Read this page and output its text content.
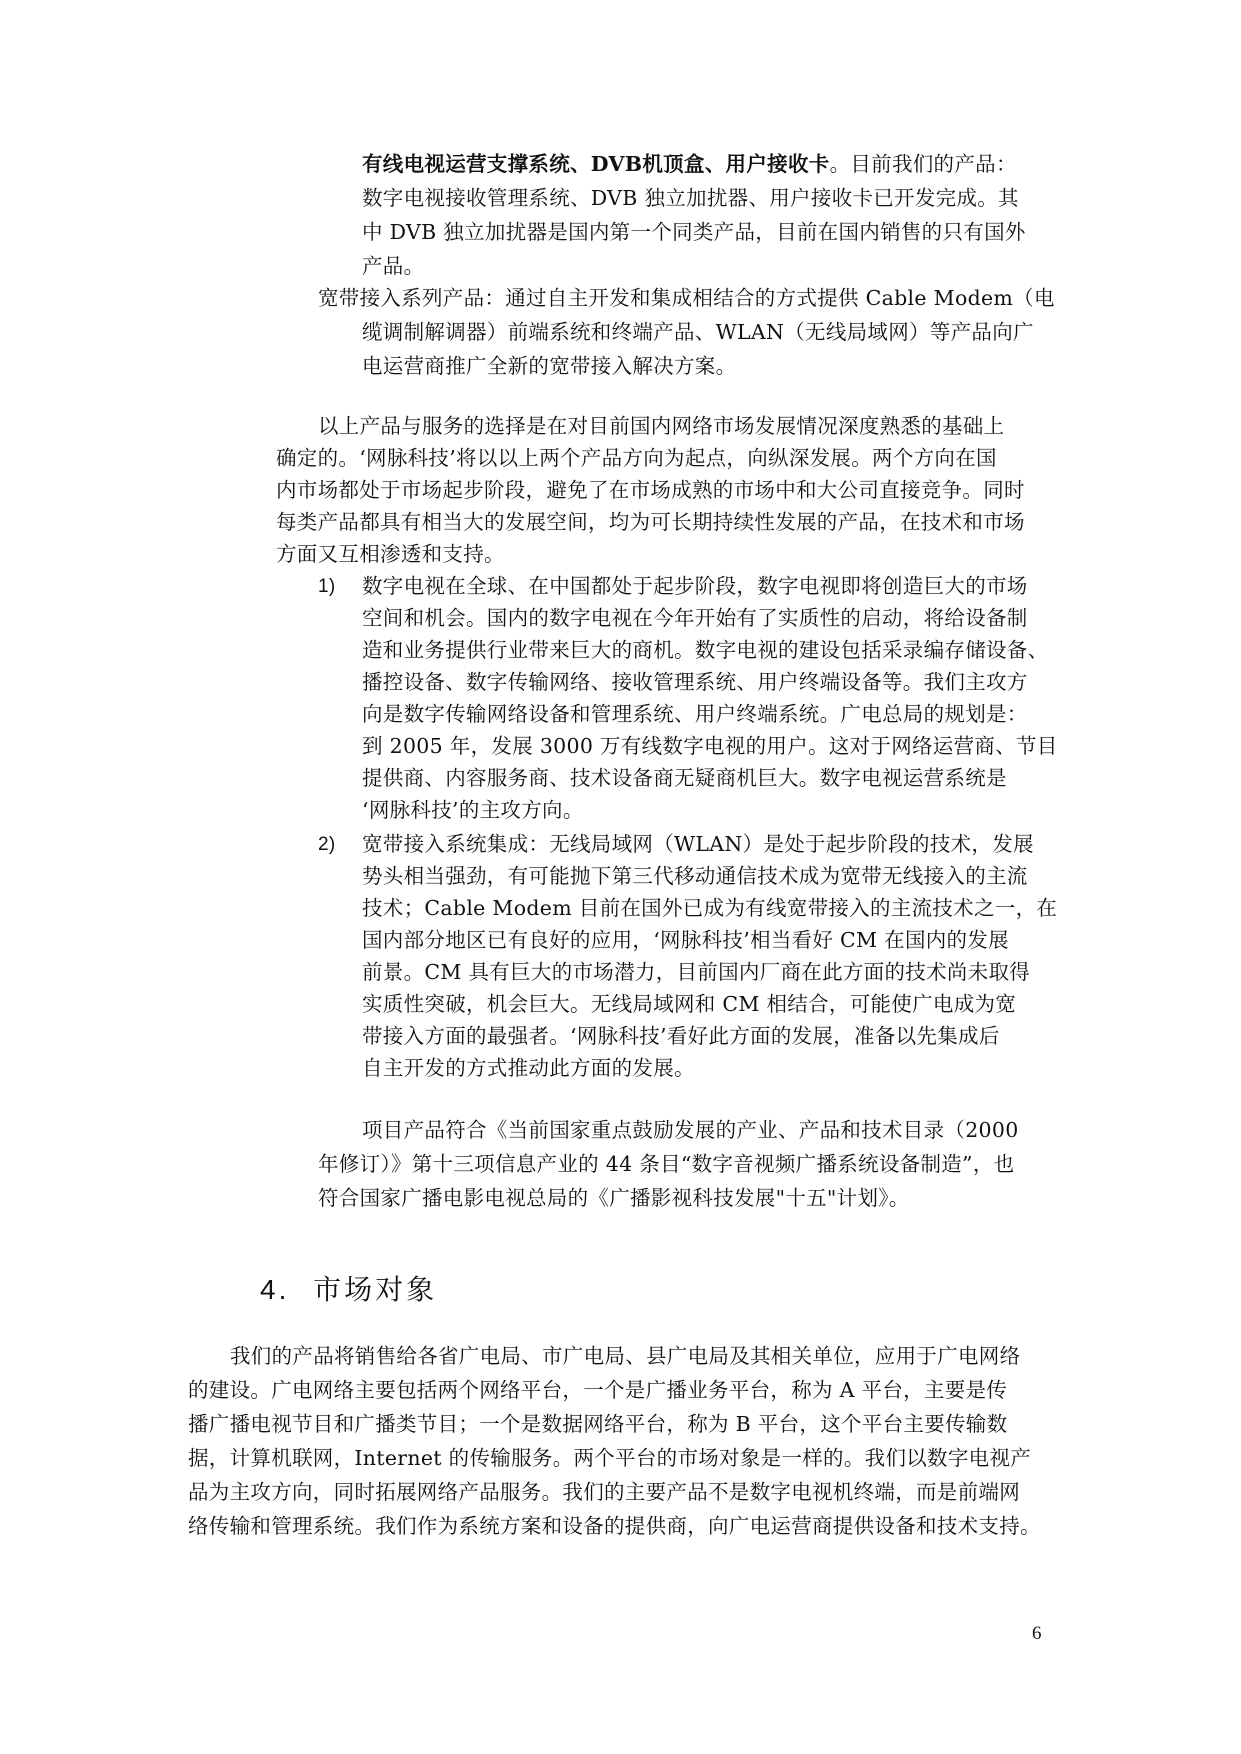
有线电视运营支撑系统、DVB机顶盒、用户接收卡。目前我们的产品：
数字电视接收管理系统、DVB 独立加扰器、用户接收卡已开发完成。其
中 DVB 独立加扰器是国内第一个同类产品，目前在国内销售的只有国外
产品。
宽带接入系列产品：通过自主开发和集成相结合的方式提供 Cable Modem（电
缆调制解调器）前端系统和终端产品、WLAN（无线局域网）等产品向广
电运营商推广全新的宽带接入解决方案。
以上产品与服务的选择是在对目前国内网络市场发展情况深度熟悉的基础上
确定的。‘网脉科技’将以以上两个产品方向为起点，向纵深发展。两个方向在国
内市场都处于市场起步阶段，避免了在市场成熟的市场中和大公司直接竞争。同时
每类产品都具有相当大的发展空间，均为可长期持续性发展的产品，在技术和市场
方面又互相渗透和支持。
1) 数字电视在全球、在中国都处于起步阶段，数字电视即将创造巨大的市场
空间和机会。国内的数字电视在今年开始有了实质性的启动，将给设备制
造和业务提供行业带来巨大的商机。数字电视的建设包括采录编存储设备、
播控设备、数字传输网络、接收管理系统、用户终端设备等。我们主攻方
向是数字传输网络设备和管理系统、用户终端系统。广电总局的规划是：
到 2005 年，发展 3000 万有线数字电视的用户。这对于网络运营商、节目
提供商、内容服务商、技术设备商无疑商机巨大。数字电视运营系统是
‘网脉科技’的主攻方向。
2) 宽带接入系统集成：无线局域网（WLAN）是处于起步阶段的技术，发展
势头相当强劲，有可能抛下第三代移动通信技术成为宽带无线接入的主流
技术；Cable Modem 目前在国外已成为有线宽带接入的主流技术之一，在
国内部分地区已有良好的应用，‘网脉科技’相当看好 CM 在国内的发展
前景。CM 具有巨大的市场潜力，目前国内厂商在此方面的技术尚未取得
实质性突破，机会巨大。无线局域网和 CM 相结合，可能使广电成为宽
带接入方面的最强者。‘网脉科技’看好此方面的发展，准备以先集成后
自主开发的方式推动此方面的发展。
项目产品符合《当前国家重点鼓励发展的产业、产品和技术目录（2000
年修订）》第十三项信息产业的 44 条目“数字音视频广播系统设备制造”，也
符合国家广播电影电视总局的《广播影视科技发展"十五"计划》。
4. 市场对象
我们的产品将销售给各省广电局、市广电局、县广电局及其相关单位，应用于广电网络
的建设。广电网络主要包括两个网络平台，一个是广播业务平台，称为 A 平台，主要是传
播广播电视节目和广播类节目；一个是数据网络平台，称为 B 平台，这个平台主要传输数
据，计算机联网，Internet 的传输服务。两个平台的市场对象是一样的。我们以数字电视产
品为主攻方向，同时拓展网络产品服务。我们的主要产品不是数字电视机终端，而是前端网
络传输和管理系统。我们作为系统方案和设备的提供商，向广电运营商提供设备和技术支持。
6
